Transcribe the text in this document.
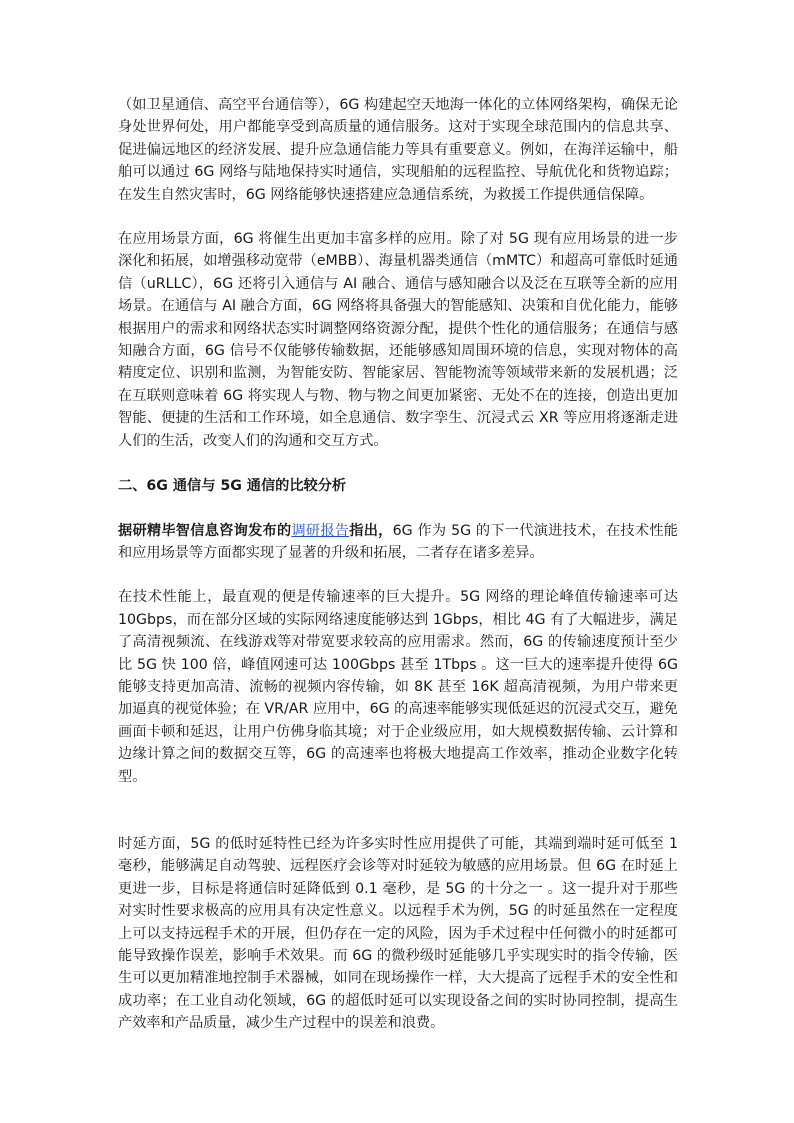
（如卫星通信、高空平台通信等），6G 构建起空天地海一体化的立体网络架构，确保无论身处世界何处，用户都能享受到高质量的通信服务。这对于实现全球范围内的信息共享、促进偏远地区的经济发展、提升应急通信能力等具有重要意义。例如，在海洋运输中，船舶可以通过 6G 网络与陆地保持实时通信，实现船舶的远程监控、导航优化和货物追踪；在发生自然灾害时，6G 网络能够快速搭建应急通信系统，为救援工作提供通信保障。

在应用场景方面，6G 将催生出更加丰富多样的应用。除了对 5G 现有应用场景的进一步深化和拓展，如增强移动宽带（eMBB）、海量机器类通信（mMTC）和超高可靠低时延通信（uRLLC），6G 还将引入通信与 AI 融合、通信与感知融合以及泛在互联等全新的应用场景。在通信与 AI 融合方面，6G 网络将具备强大的智能感知、决策和自优化能力，能够根据用户的需求和网络状态实时调整网络资源分配，提供个性化的通信服务；在通信与感知融合方面，6G 信号不仅能够传输数据，还能够感知周围环境的信息，实现对物体的高精度定位、识别和监测，为智能安防、智能家居、智能物流等领域带来新的发展机遇；泛在互联则意味着 6G 将实现人与物、物与物之间更加紧密、无处不在的连接，创造出更加智能、便捷的生活和工作环境，如全息通信、数字孪生、沉浸式云 XR 等应用将逐渐走进人们的生活，改变人们的沟通和交互方式。

二、6G 通信与 5G 通信的比较分析

据研精毕智信息咨询发布的调研报告指出，6G 作为 5G 的下一代演进技术，在技术性能和应用场景等方面都实现了显著的升级和拓展，二者存在诸多差异。

在技术性能上，最直观的便是传输速率的巨大提升。5G 网络的理论峰值传输速率可达 10Gbps，而在部分区域的实际网络速度能够达到 1Gbps，相比 4G 有了大幅进步，满足了高清视频流、在线游戏等对带宽要求较高的应用需求。然而，6G 的传输速度预计至少比 5G 快 100 倍，峰值网速可达 100Gbps 甚至 1Tbps 。这一巨大的速率提升使得 6G 能够支持更加高清、流畅的视频内容传输，如 8K 甚至 16K 超高清视频，为用户带来更加逼真的视觉体验；在 VR/AR 应用中，6G 的高速率能够实现低延迟的沉浸式交互，避免画面卡顿和延迟，让用户仿佛身临其境；对于企业级应用，如大规模数据传输、云计算和边缘计算之间的数据交互等，6G 的高速率也将极大地提高工作效率，推动企业数字化转型。

时延方面，5G 的低时延特性已经为许多实时性应用提供了可能，其端到端时延可低至 1 毫秒，能够满足自动驾驶、远程医疗会诊等对时延较为敏感的应用场景。但 6G 在时延上更进一步，目标是将通信时延降低到 0.1 毫秒，是 5G 的十分之一 。这一提升对于那些对实时性要求极高的应用具有决定性意义。以远程手术为例，5G 的时延虽然在一定程度上可以支持远程手术的开展，但仍存在一定的风险，因为手术过程中任何微小的时延都可能导致操作误差，影响手术效果。而 6G 的微秒级时延能够几乎实现实时的指令传输，医生可以更加精准地控制手术器械，如同在现场操作一样，大大提高了远程手术的安全性和成功率；在工业自动化领域，6G 的超低时延可以实现设备之间的实时协同控制，提高生产效率和产品质量，减少生产过程中的误差和浪费。
